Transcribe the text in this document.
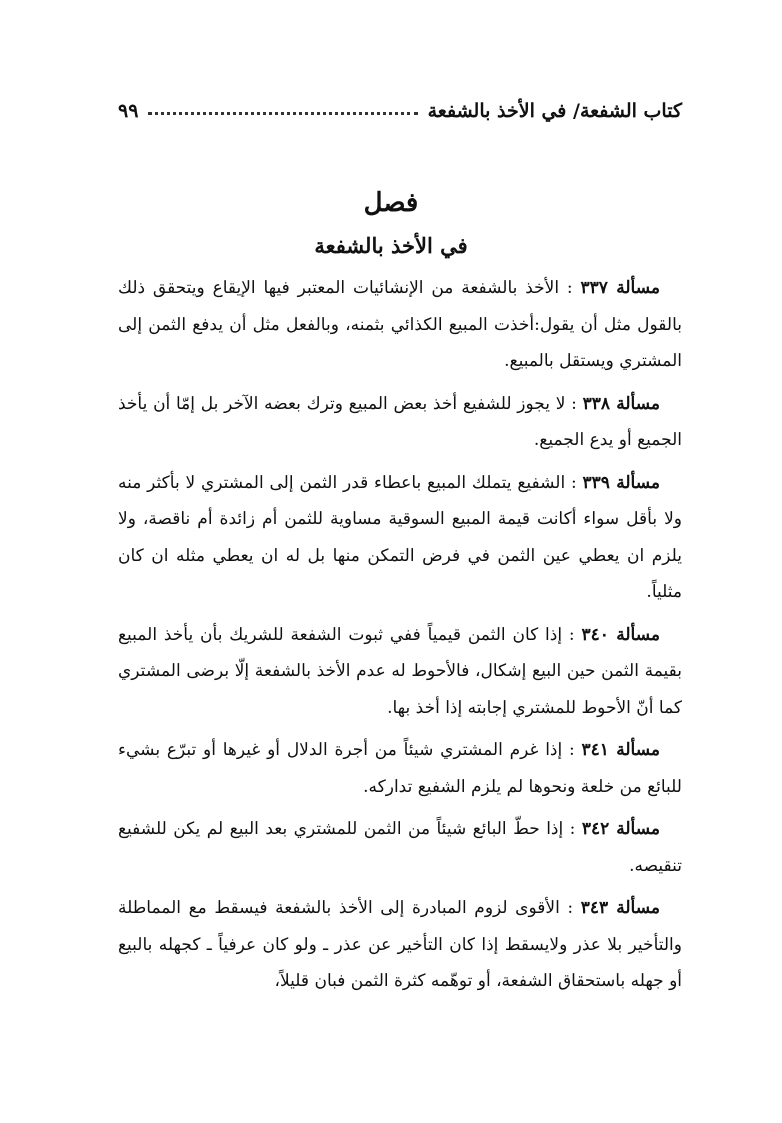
كتاب الشفعة/ في الأخذ بالشفعة
٩٩
فصل
في الأخذ بالشفعة

مسألة ٣٣٧ : الأخذ بالشفعة من الإنشائيات المعتبر فيها الإيقاع ويتحقق ذلك بالقول مثل أن يقول:أخذت المبيع الكذائي بثمنه، وبالفعل مثل أن يدفع الثمن إلى المشتري ويستقل بالمبيع.

مسألة ٣٣٨ : لا يجوز للشفيع أخذ بعض المبيع وترك بعضه الآخر بل إمّا أن يأخذ الجميع أو يدع الجميع.

مسألة ٣٣٩ : الشفيع يتملك المبيع باعطاء قدر الثمن إلى المشتري لا بأكثر منه ولا بأقل سواء أكانت قيمة المبيع السوقية مساوية للثمن أم زائدة أم ناقصة، ولا يلزم ان يعطي عين الثمن في فرض التمكن منها بل له ان يعطي مثله ان كان مثلياً.

مسألة ٣٤٠ : إذا كان الثمن قيمياً ففي ثبوت الشفعة للشريك بأن يأخذ المبيع بقيمة الثمن حين البيع إشكال، فالأحوط له عدم الأخذ بالشفعة إلّا برضى المشتري كما أنّ الأحوط للمشتري إجابته إذا أخذ بها.

مسألة ٣٤١ : إذا غرم المشتري شيئاً من أجرة الدلال أو غيرها أو تبرّع بشيء للبائع من خلعة ونحوها لم يلزم الشفيع تداركه.

مسألة ٣٤٢ : إذا حطّ البائع شيئاً من الثمن للمشتري بعد البيع لم يكن للشفيع تنقيصه.

مسألة ٣٤٣ : الأقوى لزوم المبادرة إلى الأخذ بالشفعة فيسقط مع المماطلة والتأخير بلا عذر ولايسقط إذا كان التأخير عن عذر ـ ولو كان عرفياً ـ كجهله بالبيع أو جهله باستحقاق الشفعة، أو توهّمه كثرة الثمن فبان قليلاً،
